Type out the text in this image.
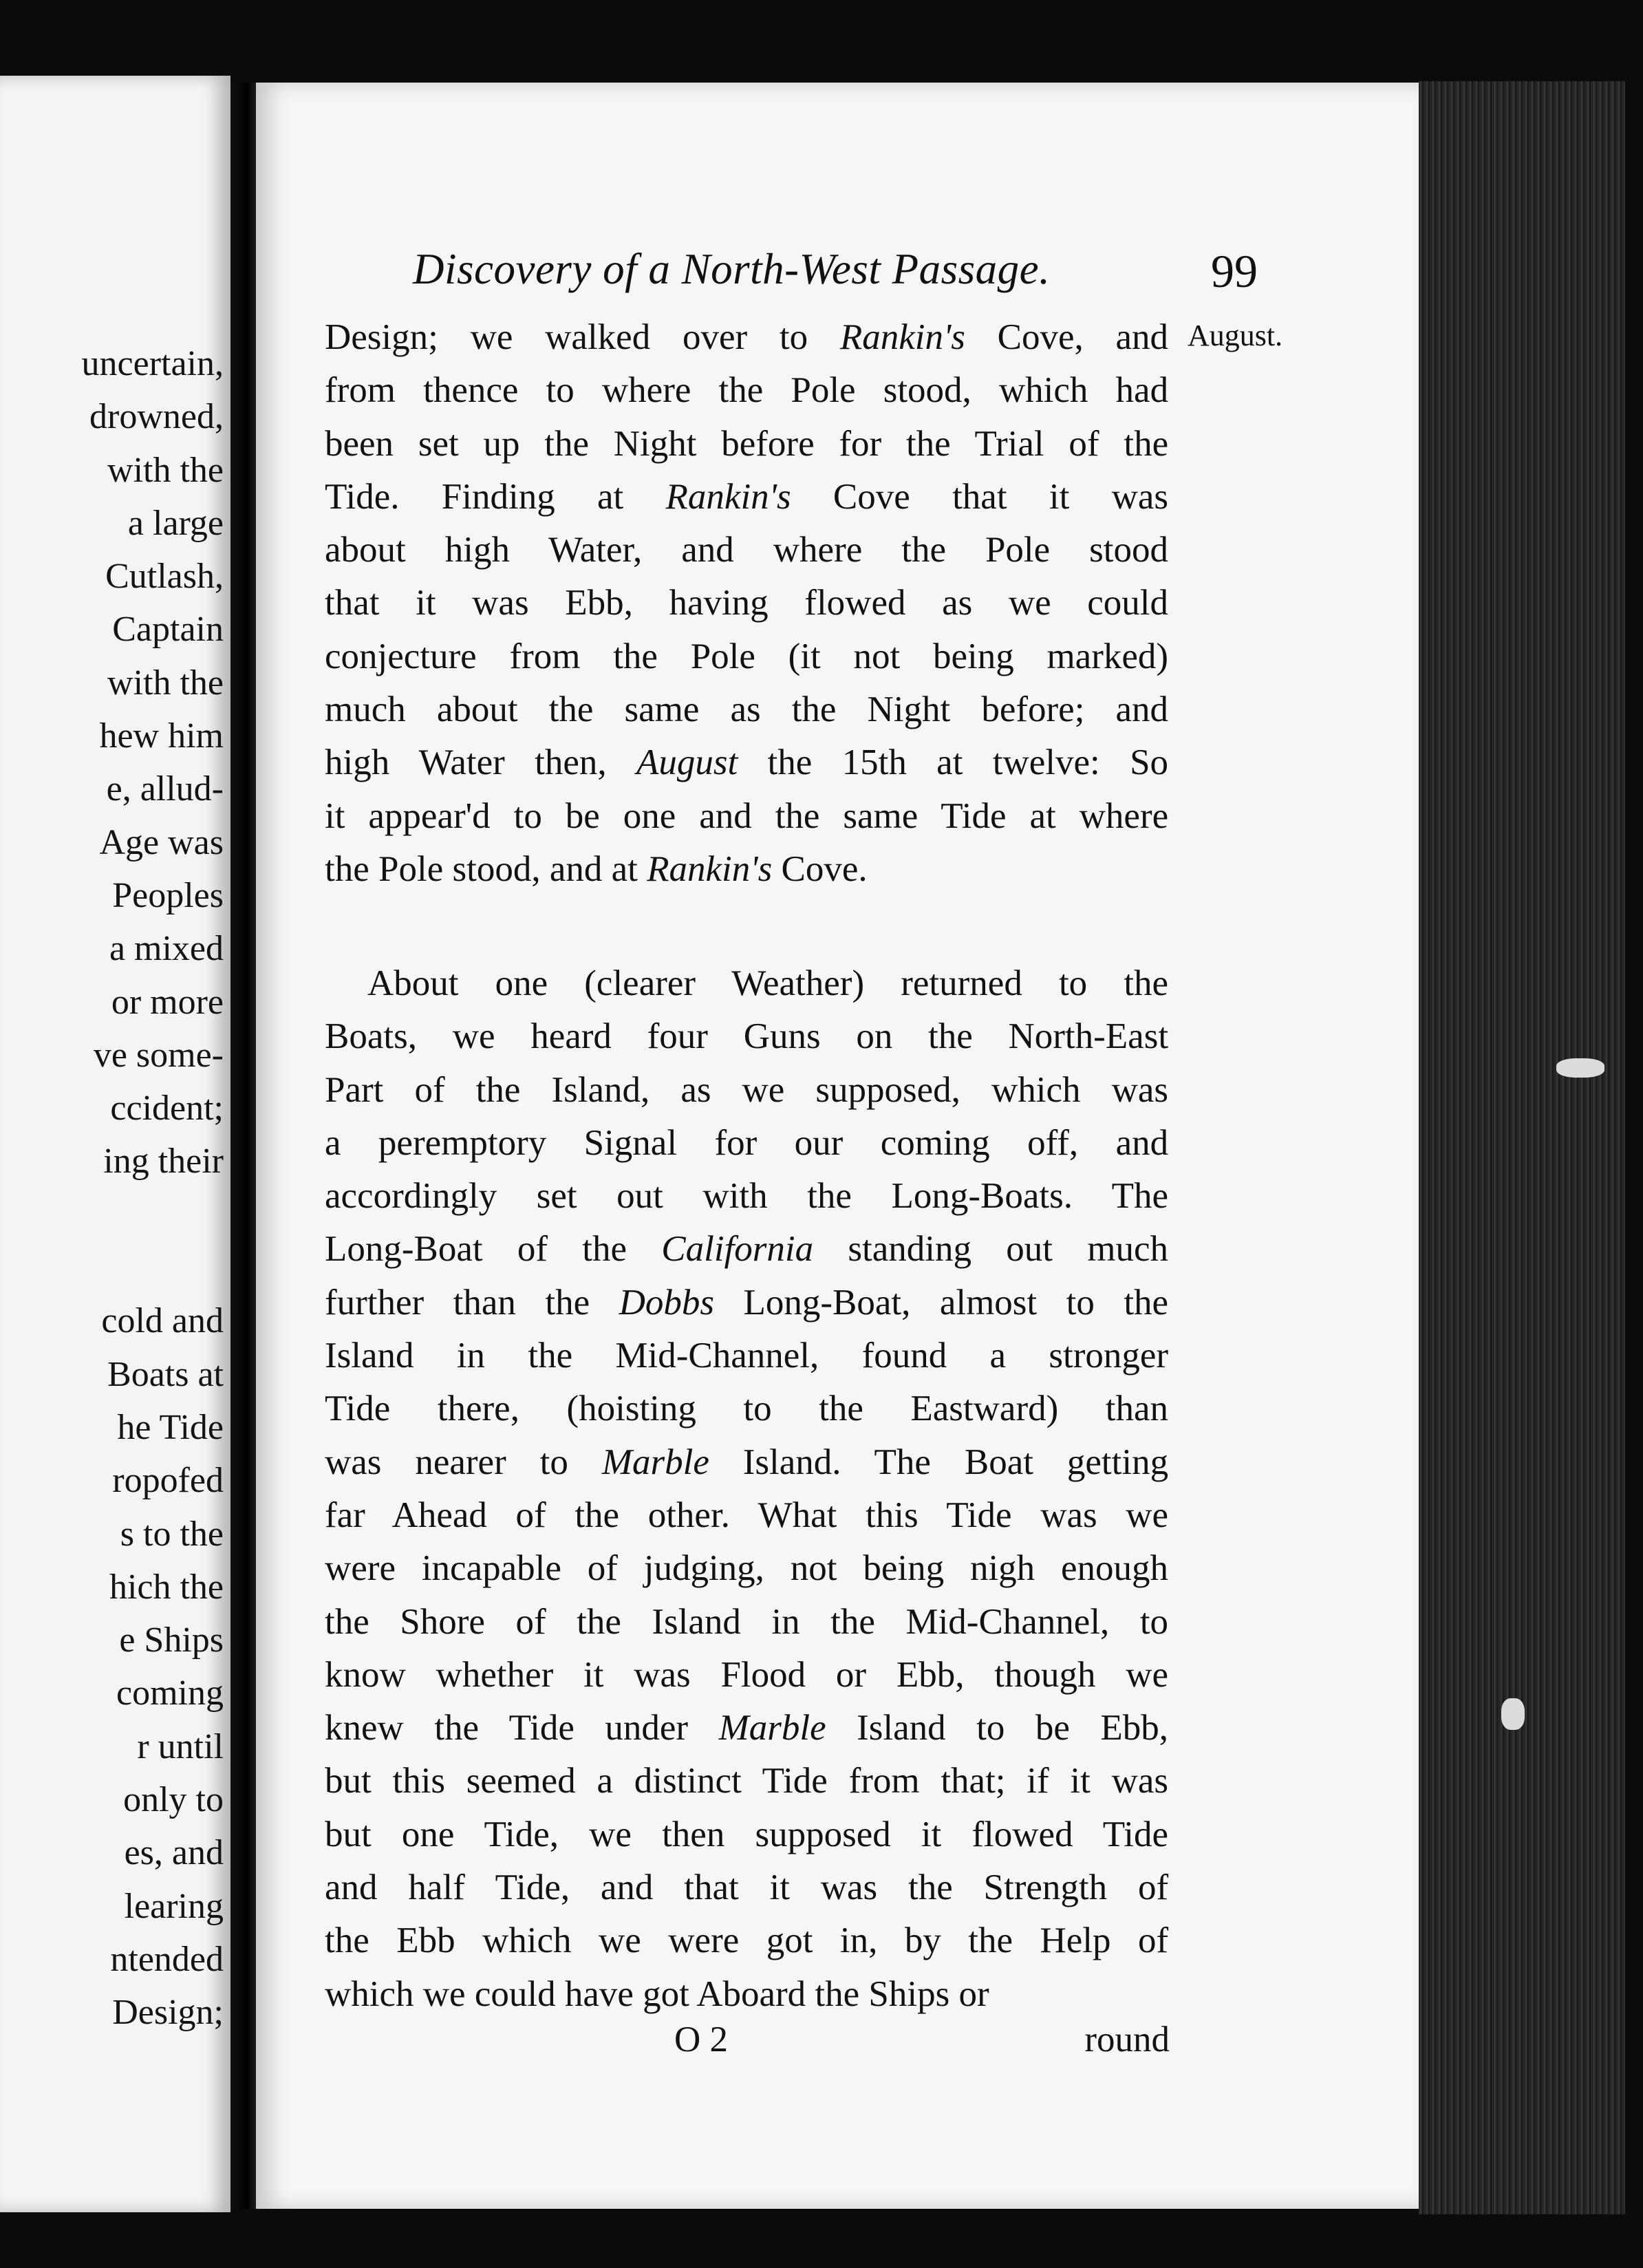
uncertain,
drowned,
with the
a large
Cutlash,
Captain
with the
hew him
e, allud-
Age was
Peoples
a mixed
or more
ve some-
ccident;
ing their
cold and
Boats at
he Tide
ropofed
s to the
hich the
e Ships
coming
r until
only to
es, and
learing
ntended
Design;
Discovery of a North-West Passage.	99
August.
Design; we walked over to Rankin's Cove, and
from thence to where the Pole stood, which had
been set up the Night before for the Trial of the
Tide. Finding at Rankin's Cove that it was
about high Water, and where the Pole stood
that it was Ebb, having flowed as we could
conjecture from the Pole (it not being marked)
much about the same as the Night before; and
high Water then, August the 15th at twelve: So
it appear'd to be one and the same Tide at where
the Pole stood, and at Rankin's Cove.
About one (clearer Weather) returned to the
Boats, we heard four Guns on the North-East
Part of the Island, as we supposed, which was
a peremptory Signal for our coming off, and
accordingly set out with the Long-Boats. The
Long-Boat of the California standing out much
further than the Dobbs Long-Boat, almost to the
Island in the Mid-Channel, found a stronger
Tide there, (hoisting to the Eastward) than
was nearer to Marble Island. The Boat getting
far Ahead of the other. What this Tide was we
were incapable of judging, not being nigh enough
the Shore of the Island in the Mid-Channel, to
know whether it was Flood or Ebb, though we
knew the Tide under Marble Island to be Ebb,
but this seemed a distinct Tide from that; if it was
but one Tide, we then supposed it flowed Tide
and half Tide, and that it was the Strength of
the Ebb which we were got in, by the Help of
which we could have got Aboard the Ships or
O 2	round
